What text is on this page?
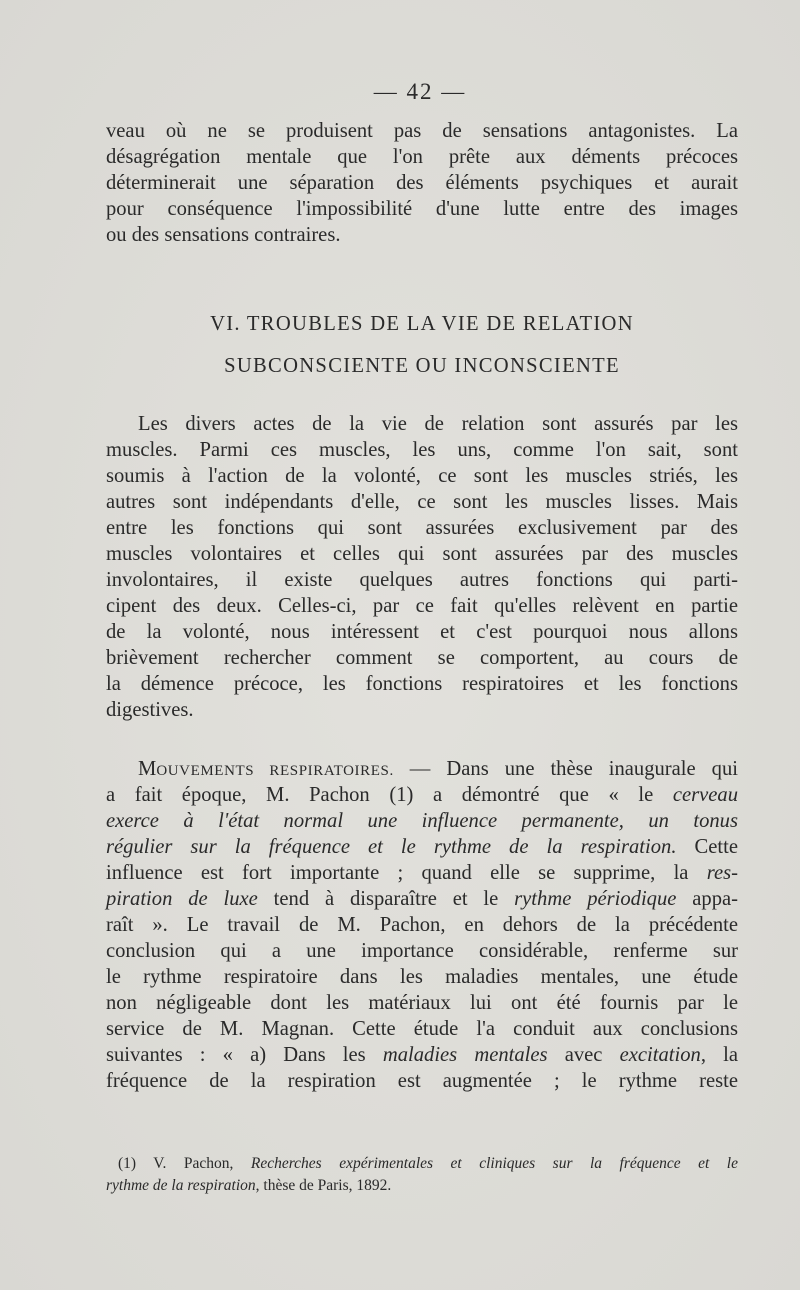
— 42 —
veau où ne se produisent pas de sensations antagonistes. La
désagrégation mentale que l'on prête aux déments précoces
déterminerait une séparation des éléments psychiques et aurait
pour conséquence l'impossibilité d'une lutte entre des images
ou des sensations contraires.
VI. TROUBLES DE LA VIE DE RELATION
SUBCONSCIENTE OU INCONSCIENTE
Les divers actes de la vie de relation sont assurés par les
muscles. Parmi ces muscles, les uns, comme l'on sait, sont
soumis à l'action de la volonté, ce sont les muscles striés, les
autres sont indépendants d'elle, ce sont les muscles lisses. Mais
entre les fonctions qui sont assurées exclusivement par des
muscles volontaires et celles qui sont assurées par des muscles
involontaires, il existe quelques autres fonctions qui parti-
cipent des deux. Celles-ci, par ce fait qu'elles relèvent en partie
de la volonté, nous intéressent et c'est pourquoi nous allons
brièvement rechercher comment se comportent, au cours de
la démence précoce, les fonctions respiratoires et les fonctions
digestives.
MOUVEMENTS RESPIRATOIRES. — Dans une thèse inaugurale qui
a fait époque, M. Pachon (1) a démontré que « le cerveau
exerce à l'état normal une influence permanente, un tonus
régulier sur la fréquence et le rythme de la respiration. Cette
influence est fort importante ; quand elle se supprime, la res-
piration de luxe tend à disparaître et le rythme périodique appa-
raît ». Le travail de M. Pachon, en dehors de la précédente
conclusion qui a une importance considérable, renferme sur
le rythme respiratoire dans les maladies mentales, une étude
non négligeable dont les matériaux lui ont été fournis par le
service de M. Magnan. Cette étude l'a conduit aux conclusions
suivantes : « a) Dans les maladies mentales avec excitation, la
fréquence de la respiration est augmentée ; le rythme reste
(1) V. Pachon, Recherches expérimentales et cliniques sur la fréquence et le
rythme de la respiration, thèse de Paris, 1892.
